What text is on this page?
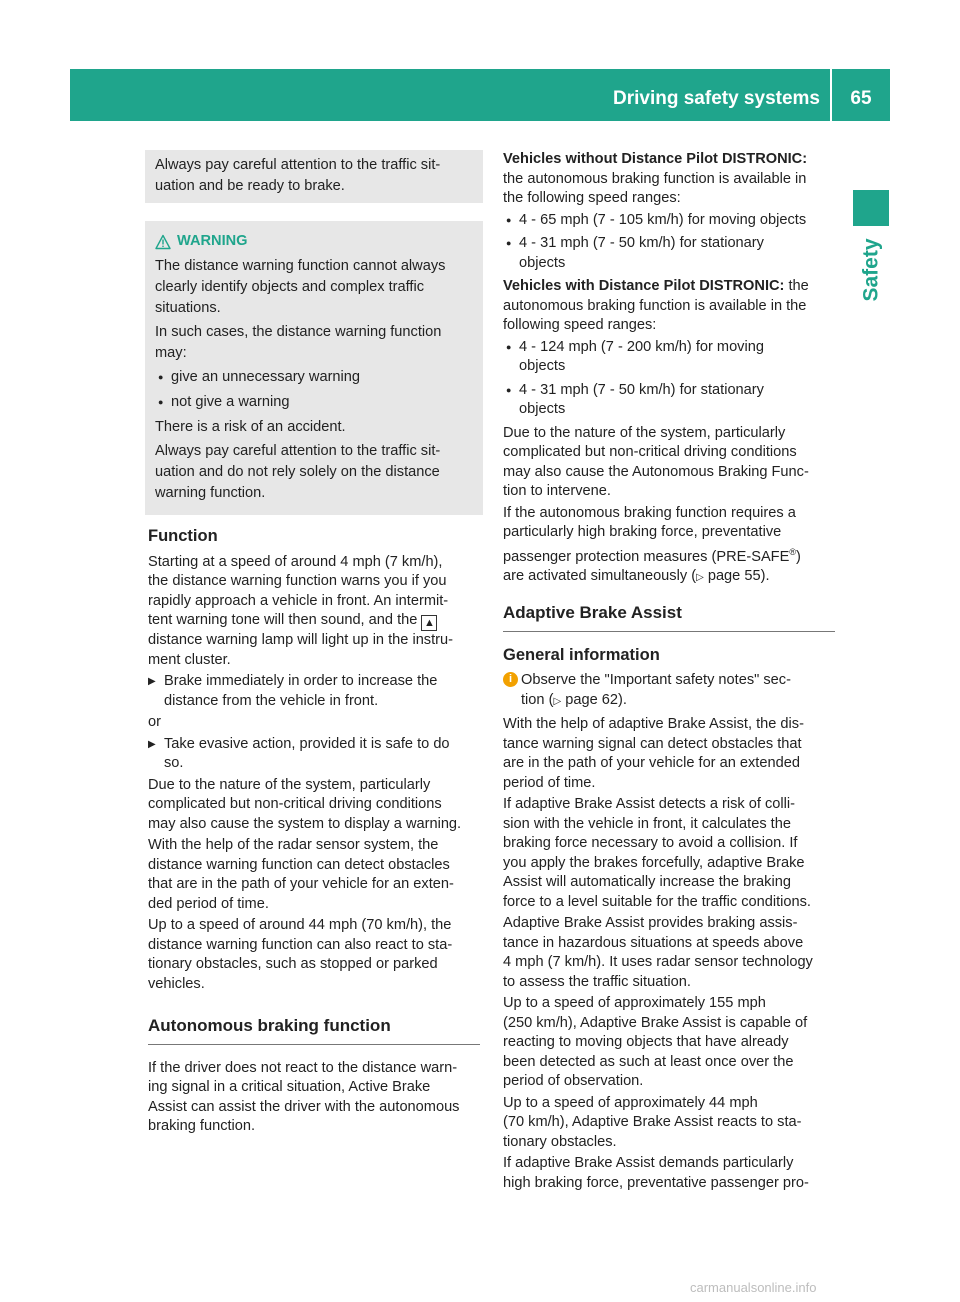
Driving safety systems	65
Safety
Always pay careful attention to the traffic sit-
uation and be ready to brake.
WARNING

The distance warning function cannot always
clearly identify objects and complex traffic
situations.

In such cases, the distance warning function
may:

● give an unnecessary warning
● not give a warning

There is a risk of an accident.

Always pay careful attention to the traffic sit-
uation and do not rely solely on the distance
warning function.

Function

Starting at a speed of around 4 mph (7 km/h),
the distance warning function warns you if you
rapidly approach a vehicle in front. An intermit-
tent warning tone will then sound, and the ▲
distance warning lamp will light up in the instru-
ment cluster.

▶ Brake immediately in order to increase the
distance from the vehicle in front.

or

▶ Take evasive action, provided it is safe to do
so.

Due to the nature of the system, particularly
complicated but non-critical driving conditions
may also cause the system to display a warning.

With the help of the radar sensor system, the
distance warning function can detect obstacles
that are in the path of your vehicle for an exten-
ded period of time.

Up to a speed of around 44 mph (70 km/h), the
distance warning function can also react to sta-
tionary obstacles, such as stopped or parked
vehicles.

Autonomous braking function

If the driver does not react to the distance warn-
ing signal in a critical situation, Active Brake
Assist can assist the driver with the autonomous
braking function.

Vehicles without Distance Pilot DISTRONIC:
the autonomous braking function is available in
the following speed ranges:

● 4 - 65 mph (7 - 105 km/h) for moving objects
● 4 - 31 mph (7 - 50 km/h) for stationary
objects

Vehicles with Distance Pilot DISTRONIC: the
autonomous braking function is available in the
following speed ranges:

● 4 - 124 mph (7 - 200 km/h) for moving
objects
● 4 - 31 mph (7 - 50 km/h) for stationary
objects

Due to the nature of the system, particularly
complicated but non-critical driving conditions
may also cause the Autonomous Braking Func-
tion to intervene.

If the autonomous braking function requires a
particularly high braking force, preventative
passenger protection measures (PRE-SAFE®)
are activated simultaneously (▷ page 55).

Adaptive Brake Assist
General information
i Observe the "Important safety notes" sec-
tion (▷ page 62).

With the help of adaptive Brake Assist, the dis-
tance warning signal can detect obstacles that
are in the path of your vehicle for an extended
period of time.

If adaptive Brake Assist detects a risk of colli-
sion with the vehicle in front, it calculates the
braking force necessary to avoid a collision. If
you apply the brakes forcefully, adaptive Brake
Assist will automatically increase the braking
force to a level suitable for the traffic conditions.

Adaptive Brake Assist provides braking assis-
tance in hazardous situations at speeds above
4 mph (7 km/h). It uses radar sensor technology
to assess the traffic situation.

Up to a speed of approximately 155 mph
(250 km/h), Adaptive Brake Assist is capable of
reacting to moving objects that have already
been detected as such at least once over the
period of observation.

Up to a speed of approximately 44 mph
(70 km/h), Adaptive Brake Assist reacts to sta-
tionary obstacles.

If adaptive Brake Assist demands particularly
high braking force, preventative passenger pro-

carmanualsonline.info
